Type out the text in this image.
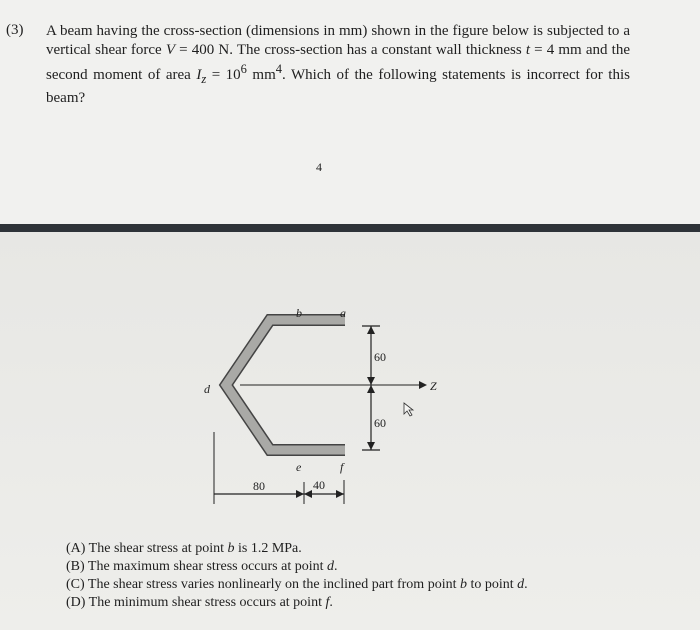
(3) A beam having the cross-section (dimensions in mm) shown in the figure below is subjected to a vertical shear force V = 400 N. The cross-section has a constant wall thickness t = 4 mm and the second moment of area $I_z = 10^6$ $mm^4$. Which of the following statements is incorrect for this beam?
4
b	a
d
e	f
60
60
80	40
Z
(A) The shear stress at point b is 1.2 MPa.
(B) The maximum shear stress occurs at point d.
(C) The shear stress varies nonlinearly on the inclined part from point b to point d.
(D) The minimum shear stress occurs at point f.
